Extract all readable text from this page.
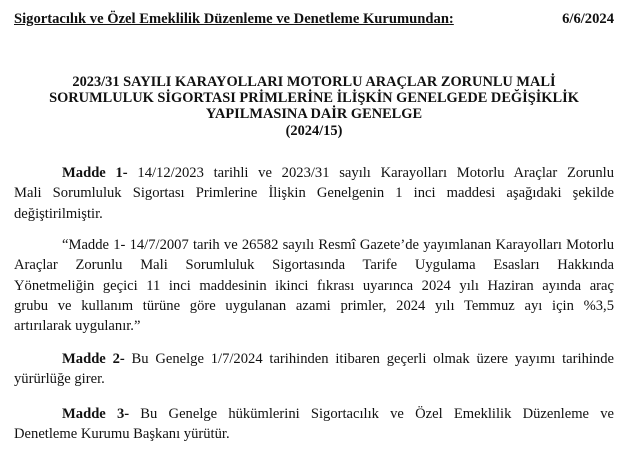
Sigortacılık ve Özel Emeklilik Düzenleme ve Denetleme Kurumundan:	6/6/2024
2023/31 SAYILI KARAYOLLARI MOTORLU ARAÇLAR ZORUNLU MALİ
SORUMLULUK SİGORTASI PRİMLERİNE İLİŞKİN GENELGEDE DEĞİŞİKLİK
YAPILMASINA DAİR GENELGE
(2024/15)
Madde 1- 14/12/2023 tarihli ve 2023/31 sayılı Karayolları Motorlu Araçlar Zorunlu
Mali Sorumluluk Sigortası Primlerine İlişkin Genelgenin 1 inci maddesi aşağıdaki şekilde
değiştirilmiştir.
“Madde 1- 14/7/2007 tarih ve 26582 sayılı Resmî Gazete’de yayımlanan Karayolları Motorlu
Araçlar Zorunlu Mali Sorumluluk Sigortasında Tarife Uygulama Esasları Hakkında
Yönetmeliğin geçici 11 inci maddesinin ikinci fıkrası uyarınca 2024 yılı Haziran ayında araç
grubu ve kullanım türüne göre uygulanan azami primler, 2024 yılı Temmuz ayı için %3,5
artırılarak uygulanır.”
Madde 2- Bu Genelge 1/7/2024 tarihinden itibaren geçerli olmak üzere yayımı tarihinde
yürürlüğe girer.
Madde 3- Bu Genelge hükümlerini Sigortacılık ve Özel Emeklilik Düzenleme ve
Denetleme Kurumu Başkanı yürütür.
